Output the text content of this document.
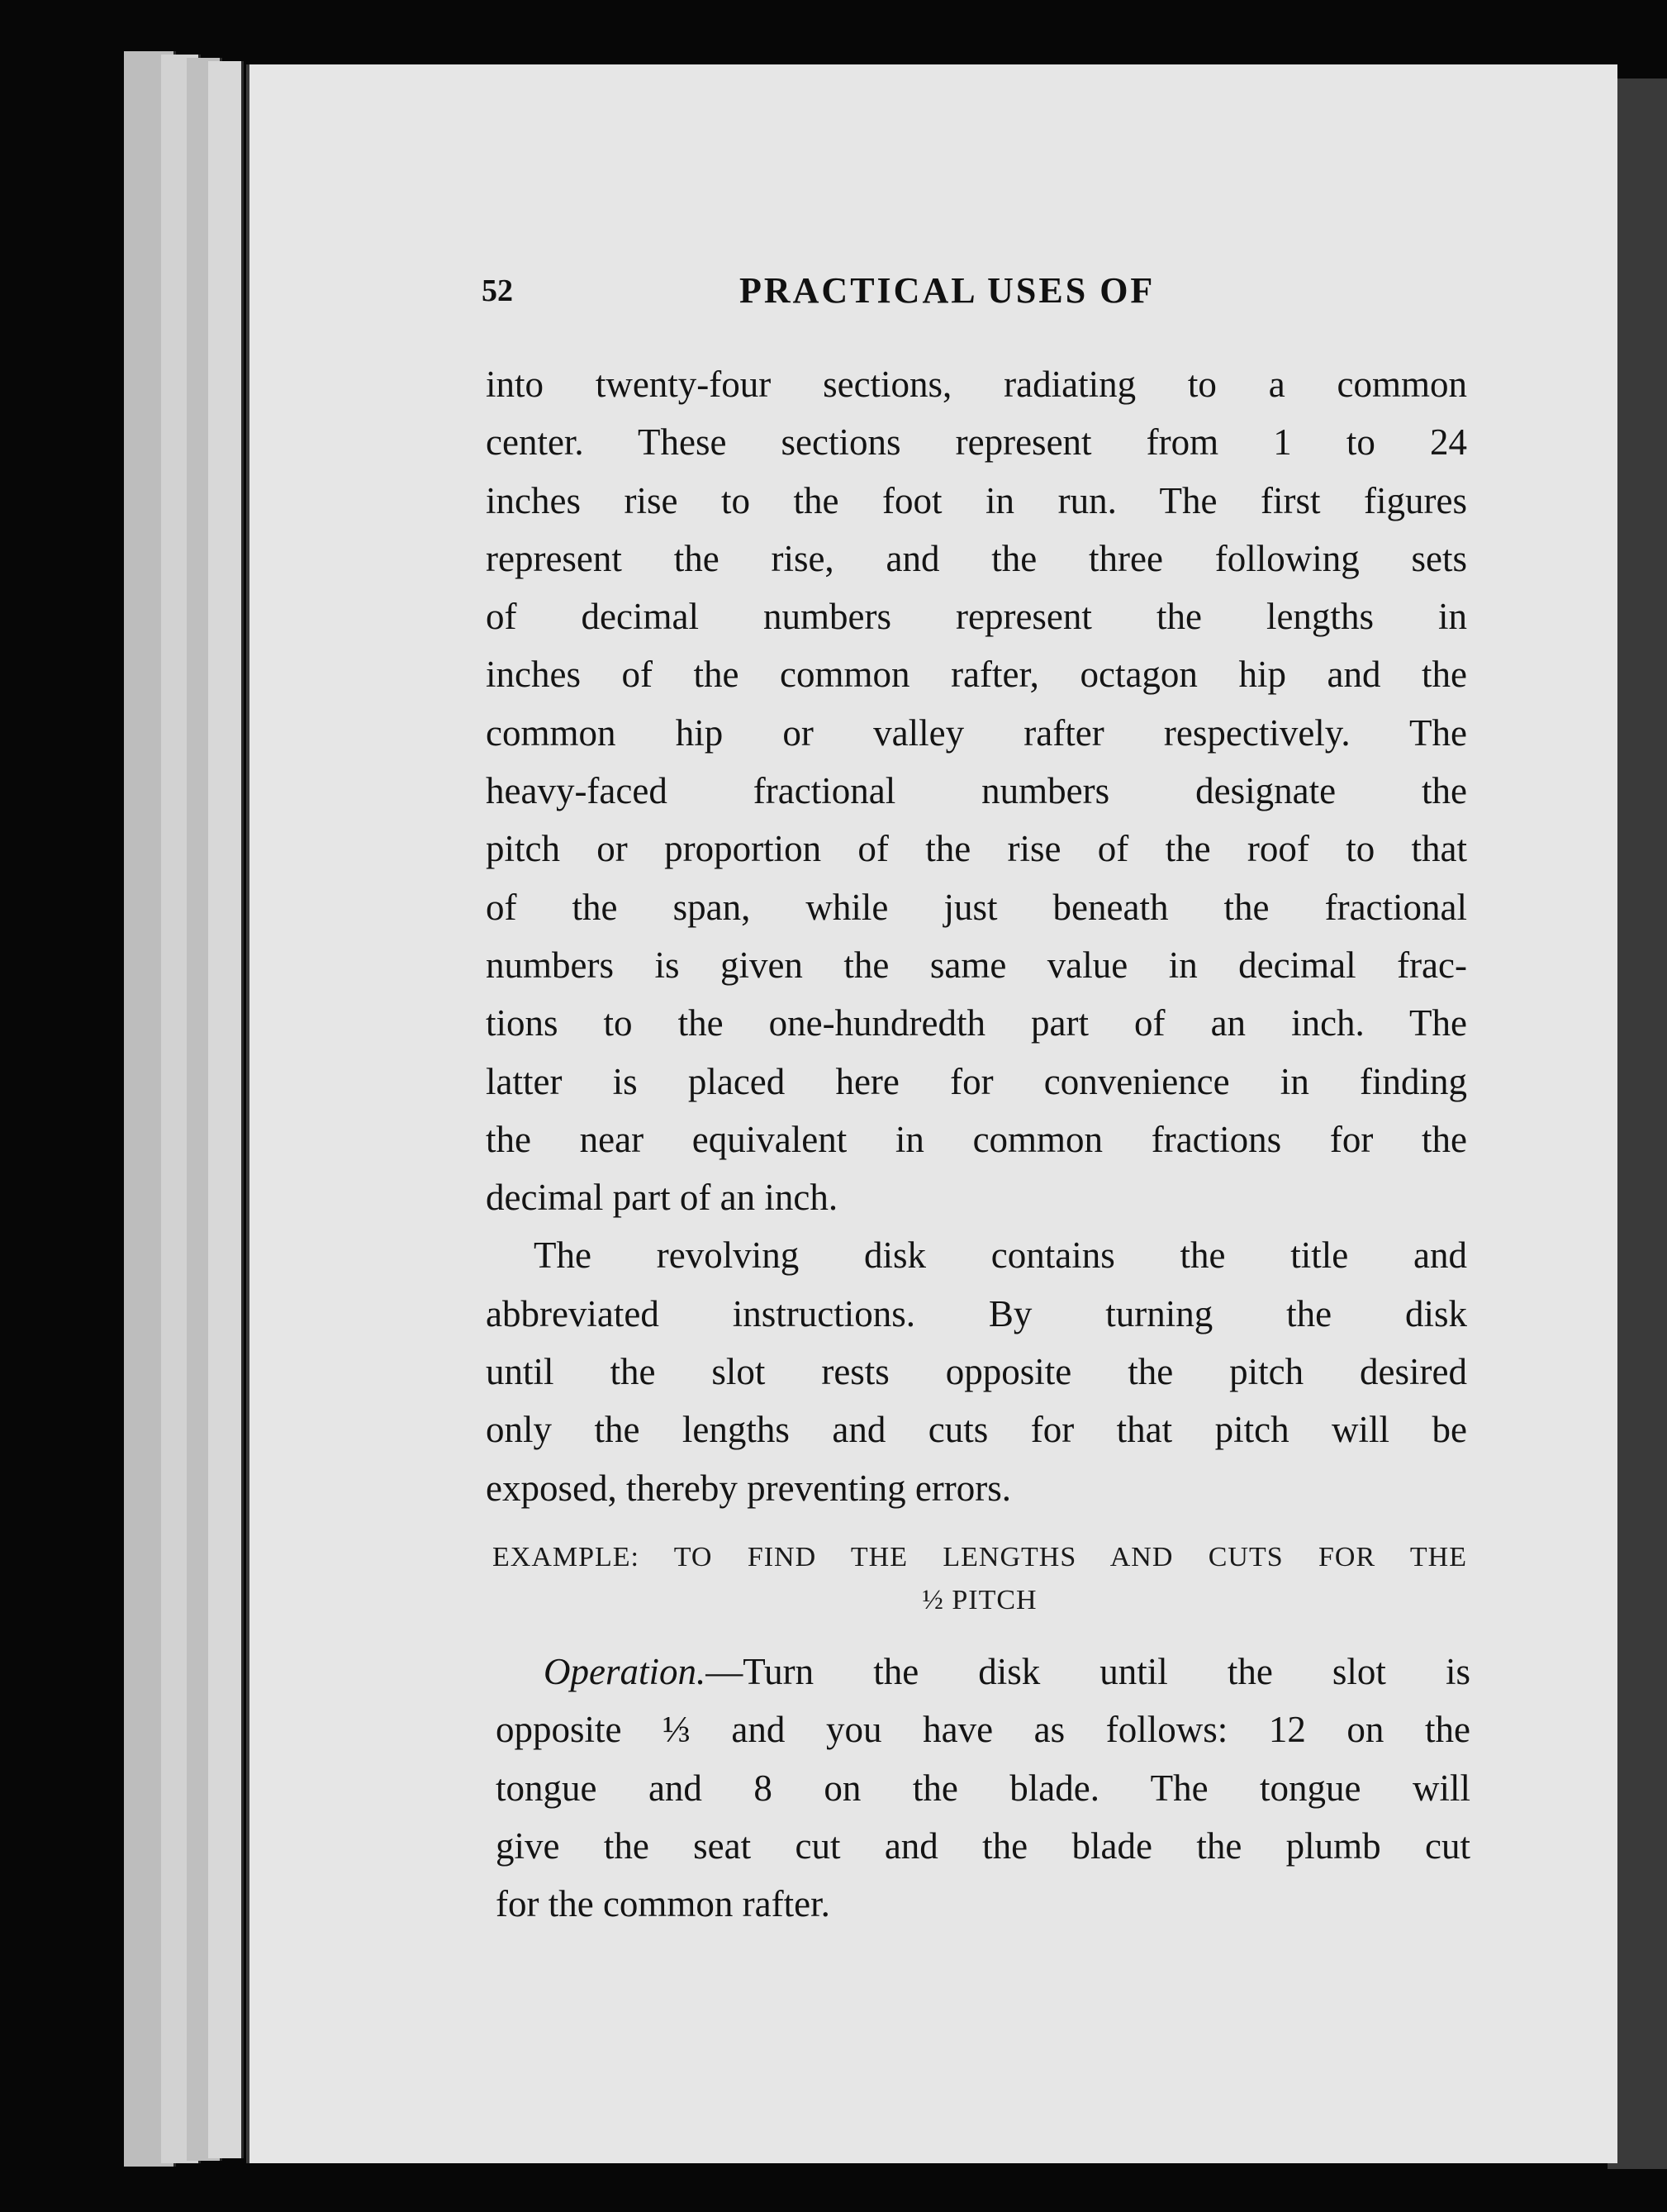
52	PRACTICAL USES OF
into twenty-four sections, radiating to a common
center. These sections represent from 1 to 24
inches rise to the foot in run. The first figures
represent the rise, and the three following sets
of decimal numbers represent the lengths in
inches of the common rafter, octagon hip and the
common hip or valley rafter respectively. The
heavy-faced fractional numbers designate the
pitch or proportion of the rise of the roof to that
of the span, while just beneath the fractional
numbers is given the same value in decimal frac-
tions to the one-hundredth part of an inch. The
latter is placed here for convenience in finding
the near equivalent in common fractions for the
decimal part of an inch.
The revolving disk contains the title and
abbreviated instructions. By turning the disk
until the slot rests opposite the pitch desired
only the lengths and cuts for that pitch will be
exposed, thereby preventing errors.
EXAMPLE: TO FIND THE LENGTHS AND CUTS FOR THE
½ PITCH
Operation.—Turn the disk until the slot is
opposite ⅓ and you have as follows: 12 on the
tongue and 8 on the blade. The tongue will
give the seat cut and the blade the plumb cut
for the common rafter.
